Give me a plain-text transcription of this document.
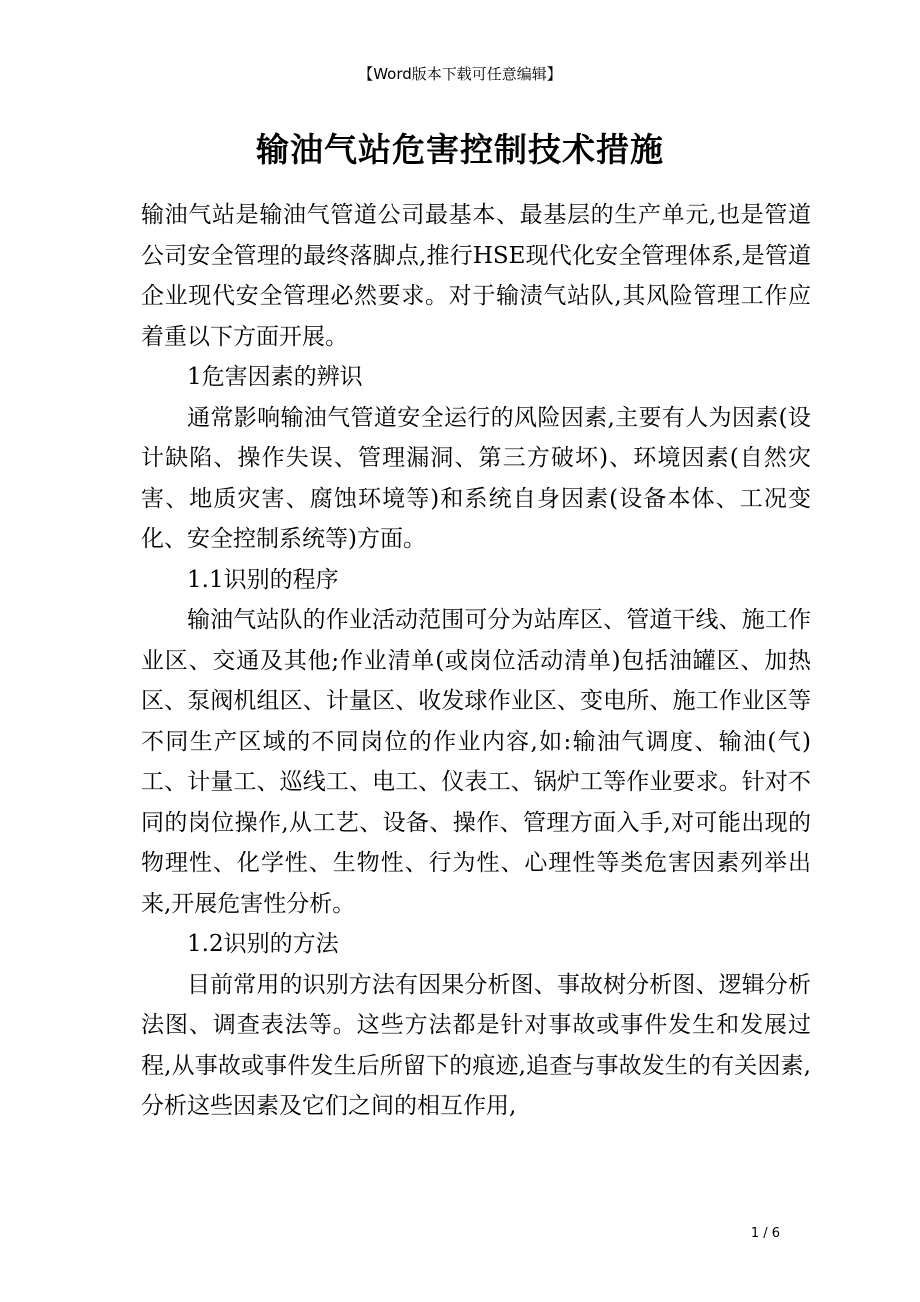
【Word版本下载可任意编辑】
输油气站危害控制技术措施

输油气站是输油气管道公司最基本、最基层的生产单元,也是管道公司安全管理的最终落脚点,推行HSE现代化安全管理体系,是管道企业现代安全管理必然要求。对于输渍气站队,其风险管理工作应着重以下方面开展。

1危害因素的辨识

通常影响输油气管道安全运行的风险因素,主要有人为因素(设计缺陷、操作失误、管理漏洞、第三方破坏)、环境因素(自然灾害、地质灾害、腐蚀环境等)和系统自身因素(设备本体、工况变化、安全控制系统等)方面。

1.1识别的程序

输油气站队的作业活动范围可分为站库区、管道干线、施工作业区、交通及其他;作业清单(或岗位活动清单)包括油罐区、加热区、泵阀机组区、计量区、收发球作业区、变电所、施工作业区等不同生产区域的不同岗位的作业内容,如:输油气调度、输油(气)工、计量工、巡线工、电工、仪表工、锅炉工等作业要求。针对不同的岗位操作,从工艺、设备、操作、管理方面入手,对可能出现的物理性、化学性、生物性、行为性、心理性等类危害因素列举出来,开展危害性分析。

1.2识别的方法

目前常用的识别方法有因果分析图、事故树分析图、逻辑分析法图、调查表法等。这些方法都是针对事故或事件发生和发展过程,从事故或事件发生后所留下的痕迹,追查与事故发生的有关因素,分析这些因素及它们之间的相互作用,

1 / 6
